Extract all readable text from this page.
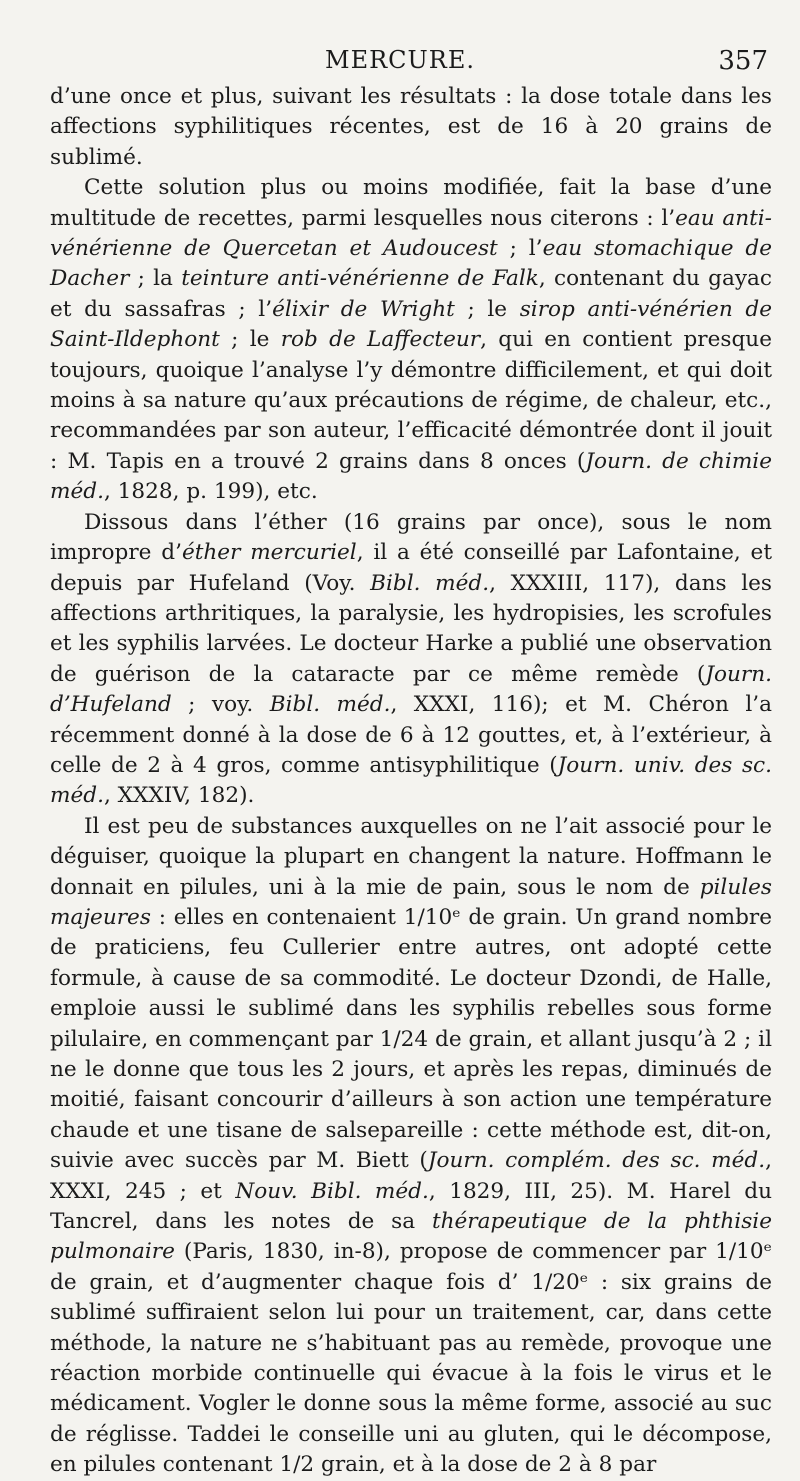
MERCURE.	357

d’une once et plus, suivant les résultats : la dose totale dans les affections syphilitiques récentes, est de 16 à 20 grains de sublimé.

Cette solution plus ou moins modifiée, fait la base d’une multitude de recettes, parmi lesquelles nous citerons : l’eau anti-vénérienne de Quercetan et Audoucest ; l’eau stomachique de Dacher ; la teinture anti-vénérienne de Falk, contenant du gayac et du sassafras ; l’élixir de Wright ; le sirop anti-vénérien de Saint-Ildephont ; le rob de Laffecteur, qui en contient presque toujours, quoique l’analyse l’y démontre difficilement, et qui doit moins à sa nature qu’aux précautions de régime, de chaleur, etc., recommandées par son auteur, l’efficacité démontrée dont il jouit : M. Tapis en a trouvé 2 grains dans 8 onces (Journ. de chimie méd., 1828, p. 199), etc.

Dissous dans l’éther (16 grains par once), sous le nom impropre d’éther mercuriel, il a été conseillé par Lafontaine, et depuis par Hufeland (Voy. Bibl. méd., XXXIII, 117), dans les affections arthritiques, la paralysie, les hydropisies, les scrofules et les syphilis larvées. Le docteur Harke a publié une observation de guérison de la cataracte par ce même remède (Journ. d’Hufeland ; voy. Bibl. méd., XXXI, 116); et M. Chéron l’a récemment donné à la dose de 6 à 12 gouttes, et, à l’extérieur, à celle de 2 à 4 gros, comme antisyphilitique (Journ. univ. des sc. méd., XXXIV, 182).

Il est peu de substances auxquelles on ne l’ait associé pour le déguiser, quoique la plupart en changent la nature. Hoffmann le donnait en pilules, uni à la mie de pain, sous le nom de pilules majeures : elles en contenaient 1/10ᵉ de grain. Un grand nombre de praticiens, feu Cullerier entre autres, ont adopté cette formule, à cause de sa commodité. Le docteur Dzondi, de Halle, emploie aussi le sublimé dans les syphilis rebelles sous forme pilulaire, en commençant par 1/24 de grain, et allant jusqu’à 2 ; il ne le donne que tous les 2 jours, et après les repas, diminués de moitié, faisant concourir d’ailleurs à son action une température chaude et une tisane de salsepareille : cette méthode est, dit-on, suivie avec succès par M. Biett (Journ. complém. des sc. méd., XXXI, 245 ; et Nouv. Bibl. méd., 1829, III, 25). M. Harel du Tancrel, dans les notes de sa thérapeutique de la phthisie pulmonaire (Paris, 1830, in-8), propose de commencer par 1/10ᵉ de grain, et d’augmenter chaque fois d’ 1/20ᵉ : six grains de sublimé suffiraient selon lui pour un traitement, car, dans cette méthode, la nature ne s’habituant pas au remède, provoque une réaction morbide continuelle qui évacue à la fois le virus et le médicament. Vogler le donne sous la même forme, associé au suc de réglisse. Taddei le conseille uni au gluten, qui le décompose, en pilules contenant 1/2 grain, et à la dose de 2 à 8 par
